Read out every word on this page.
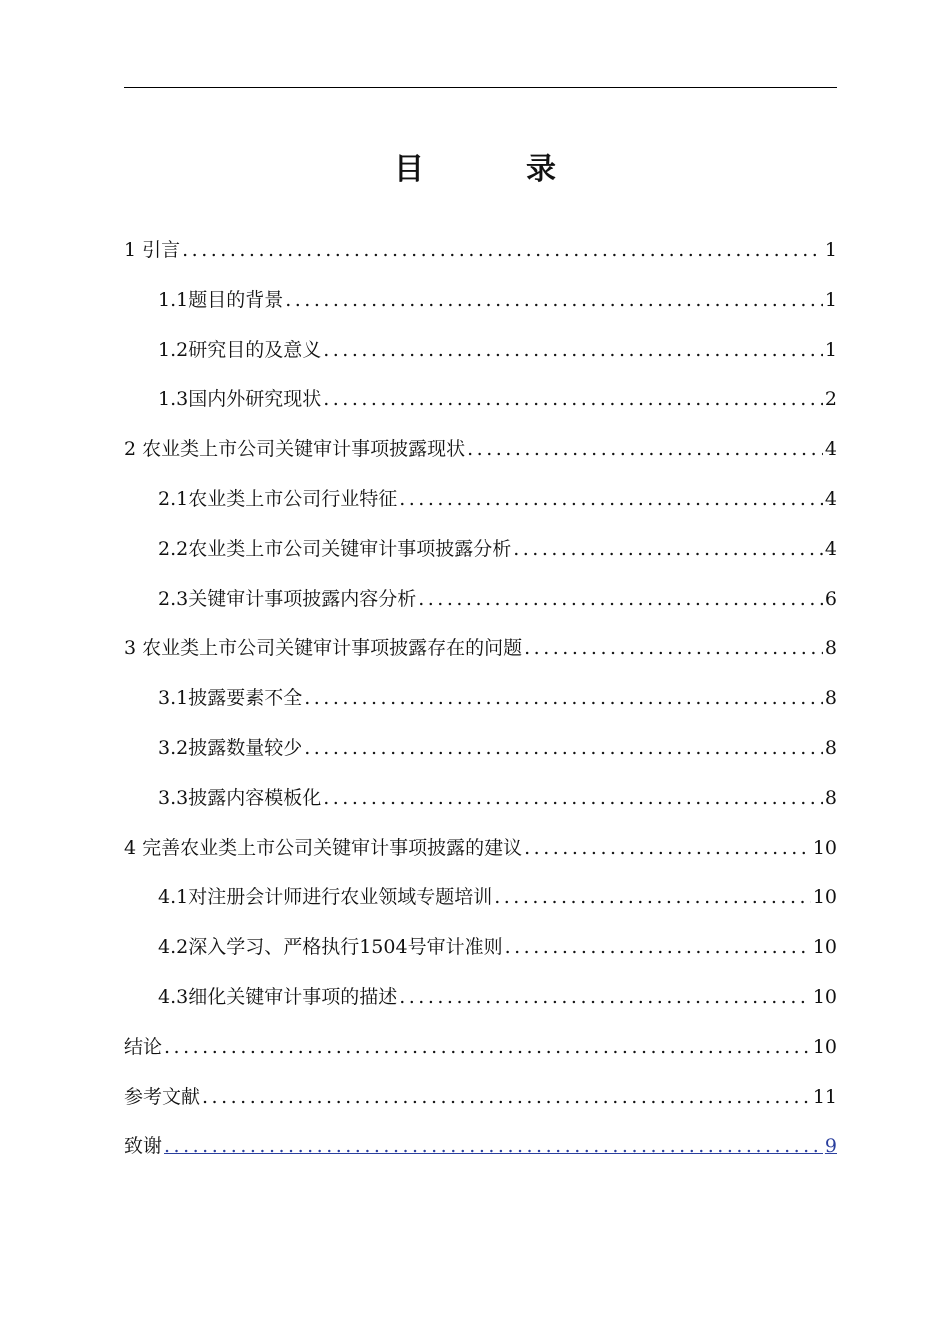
目　录
1 引言 .....	1
1.1题目的背景 .....	1
1.2研究目的及意义 .....	1
1.3国内外研究现状 .....	2
2 农业类上市公司关键审计事项披露现状 .....	4
2.1农业类上市公司行业特征 .....	4
2.2农业类上市公司关键审计事项披露分析 .....	4
2.3关键审计事项披露内容分析 .....	6
3 农业类上市公司关键审计事项披露存在的问题 .....	8
3.1披露要素不全 .....	8
3.2披露数量较少 .....	8
3.3披露内容模板化 .....	8
4 完善农业类上市公司关键审计事项披露的建议 .....	10
4.1对注册会计师进行农业领域专题培训 .....	10
4.2深入学习、严格执行1504号审计准则 .....	10
4.3细化关键审计事项的描述 .....	10
结论 .....	10
参考文献 .....	11
致谢 .....	9
